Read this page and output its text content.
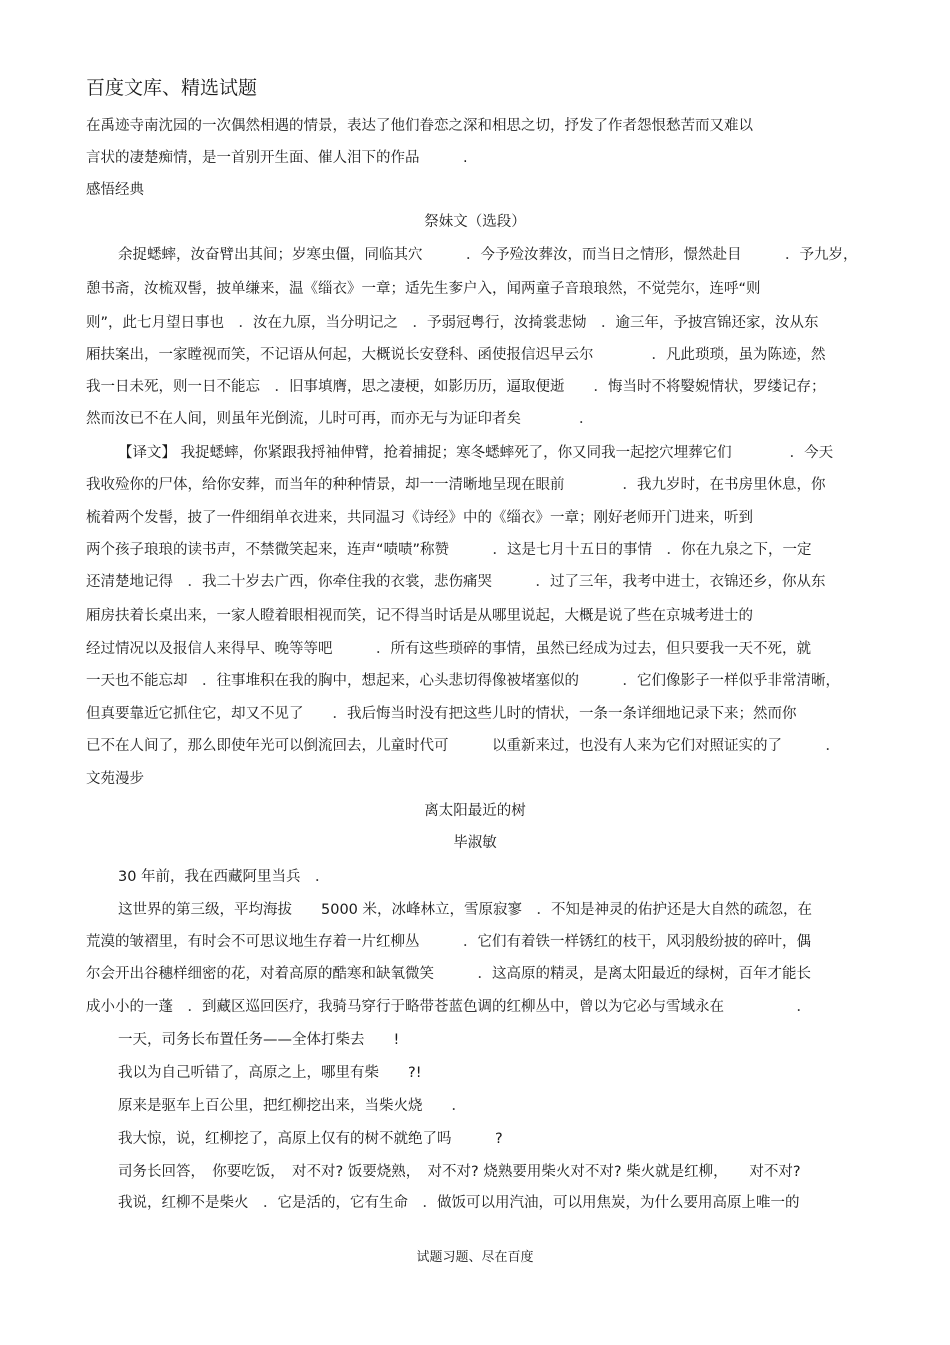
百度文库、精选试题
在禹迹寺南沈园的一次偶然相遇的情景，表达了他们眷恋之深和相思之切，抒发了作者怨恨愁苦而又难以
言状的凄楚痴情，是一首别开生面、催人泪下的作品　　　.
感悟经典
祭妹文（选段）
余捉蟋蟀，汝奋臂出其间；岁寒虫僵，同临其穴　　　．今予殓汝葬汝，而当日之情形，憬然赴目　　　．予九岁，
憩书斋，汝梳双髻，披单缣来，温《缁衣》一章；适先生奓户入，闻两童子音琅琅然，不觉莞尔，连呼“则
则”，此七月望日事也　．汝在九原，当分明记之　．予弱冠粤行，汝掎裳悲恸　．逾三年，予披宫锦还家，汝从东
厢扶案出，一家瞠视而笑，不记语从何起，大概说长安登科、函使报信迟早云尔　　　　．凡此琐琐，虽为陈迹，然
我一日未死，则一日不能忘　．旧事填膺，思之凄梗，如影历历，逼取便逝　　．悔当时不将嫛婗情状，罗缕记存；
然而汝已不在人间，则虽年光倒流，儿时可再，而亦无与为证印者矣　　　　．
【译文】 我捉蟋蟀，你紧跟我捋袖伸臂，抢着捕捉；寒冬蟋蟀死了，你又同我一起挖穴埋葬它们　　　　．今天
我收殓你的尸体，给你安葬，而当年的种种情景，却一一清晰地呈现在眼前　　　　．我九岁时，在书房里休息，你
梳着两个发髻，披了一件细绢单衣进来，共同温习《诗经》中的《缁衣》一章；刚好老师开门进来，听到
两个孩子琅琅的读书声，不禁微笑起来，连声“啧啧”称赞　　　．这是七月十五日的事情　．你在九泉之下，一定
还清楚地记得　．我二十岁去广西，你牵住我的衣裳，悲伤痛哭　　　．过了三年，我考中进士，衣锦还乡，你从东
厢房扶着长桌出来，一家人瞪着眼相视而笑，记不得当时话是从哪里说起，大概是说了些在京城考进士的
经过情况以及报信人来得早、晚等等吧　　　．所有这些琐碎的事情，虽然已经成为过去，但只要我一天不死，就
一天也不能忘却　．往事堆积在我的胸中，想起来，心头悲切得像被堵塞似的　　　．它们像影子一样似乎非常清晰，
但真要靠近它抓住它，却又不见了　　．我后悔当时没有把这些儿时的情状，一条一条详细地记录下来；然而你
已不在人间了，那么即使年光可以倒流回去，儿童时代可　　　以重新来过，也没有人来为它们对照证实的了　　　．
文苑漫步
离太阳最近的树
毕淑敏
30 年前，我在西藏阿里当兵　．
这世界的第三级，平均海拔　　5000 米，冰峰林立，雪原寂寥　．不知是神灵的佑护还是大自然的疏忽，在
荒漠的皱褶里，有时会不可思议地生存着一片红柳丛　　　．它们有着铁一样锈红的枝干，风羽般纷披的碎叶，偶
尔会开出谷穗样细密的花，对着高原的酷寒和缺氧微笑　　　．这高原的精灵，是离太阳最近的绿树，百年才能长
成小小的一蓬　．到藏区巡回医疗，我骑马穿行于略带苍蓝色调的红柳丛中，曾以为它必与雪域永在　　　　　．
一天，司务长布置任务——全体打柴去　　!
我以为自己听错了，高原之上，哪里有柴　　?!
原来是驱车上百公里，把红柳挖出来，当柴火烧　　．
我大惊，说，红柳挖了，高原上仅有的树不就绝了吗　　　?
司务长回答，　你要吃饭，　对不对? 饭要烧熟，　对不对? 烧熟要用柴火对不对? 柴火就是红柳，　　对不对?
我说，红柳不是柴火　．它是活的，它有生命　．做饭可以用汽油，可以用焦炭，为什么要用高原上唯一的
试题习题、尽在百度
